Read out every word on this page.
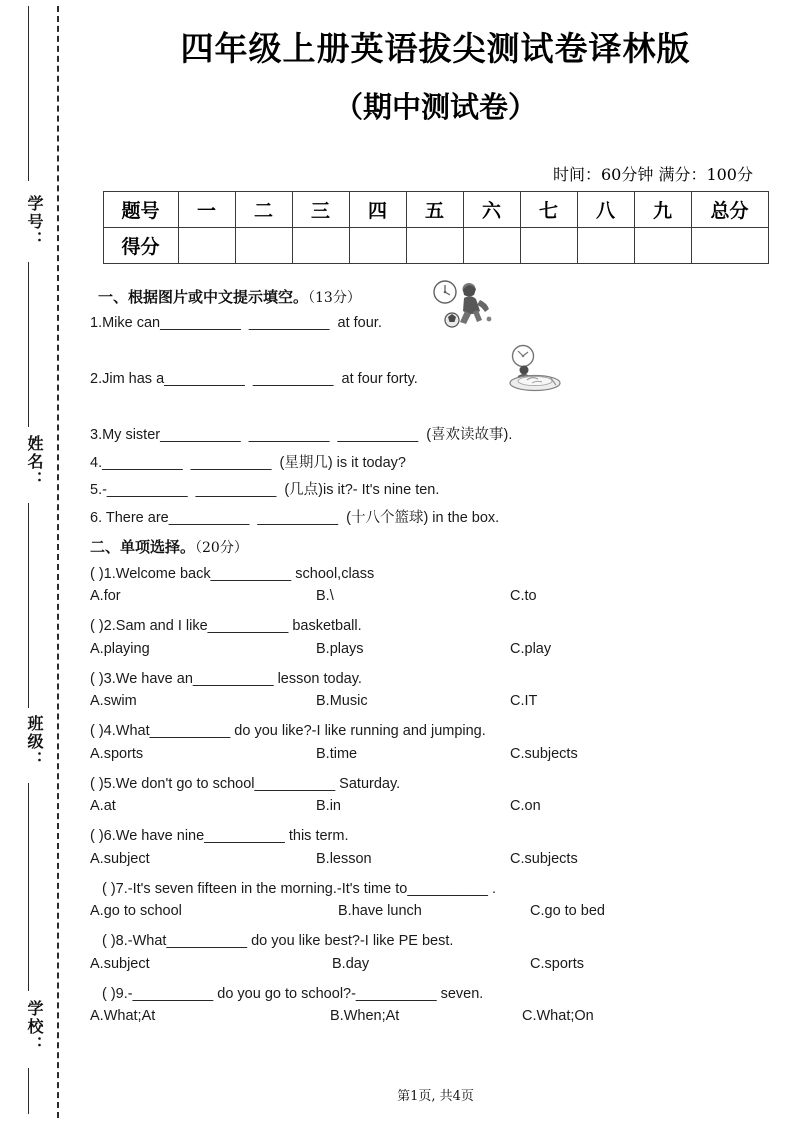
学号：
姓名：
班级：
学校：
四年级上册英语拔尖测试卷译林版
（期中测试卷）

时间：60分钟 满分：100分

题号	一	二	三	四	五	六	七	八	九	总分
得分										
一、根据图片或中文提示填空。（13分）

1.Mike can__________  __________  at four.

2.Jim has a__________  __________  at four forty.

3.My sister__________  __________  __________  (喜欢读故事).

4.__________  __________  (星期几) is it today?

5.-__________  __________  (几点)is it?- It's nine ten.

6. There are__________  __________  (十八个篮球) in the box.

二、单项选择。（20分）

( )1.Welcome back__________ school,class

A.for	B.\	C.to

( )2.Sam and I like__________ basketball.

A.playing	B.plays	C.play

( )3.We have an__________ lesson today.

A.swim	B.Music	C.IT

( )4.What__________ do you like?-I like running and jumping.

A.sports	B.time	C.subjects

( )5.We don't go to school__________ Saturday.

A.at	B.in	C.on

( )6.We have nine__________ this term.

A.subject	B.lesson	C.subjects

( )7.-It's seven fifteen in the morning.-It's time to__________ .

A.go to school	B.have lunch	C.go to bed

( )8.-What__________ do you like best?-I like PE best.

A.subject	B.day	C.sports

( )9.-__________ do you go to school?-__________ seven.

A.What;At	B.When;At	C.What;On
第1页, 共4页
